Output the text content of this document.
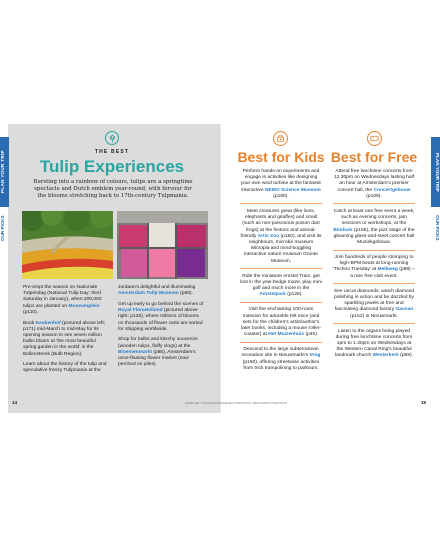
PLAN YOUR TRIP
OUR PICKS
PLAN YOUR TRIP
OUR PICKS
THE BEST
Tulip Experiences
Bursting into a rainbow of colours, tulips are a springtime spectacle and Dutch emblem year-round, with fervour for the blooms stretching back to 17th-century Tulpmania.

Pre-empt the season on Nationale Tulpendag (National Tulip Day; third Saturday in January), when 200,000 tulips are planted on Museumplein (p110).

Book Keukenhof (pictured above left; p171) mid-March to mid-May for its opening season to see seven million bulbs bloom at 'the most beautiful spring garden in the world' in the Bollenstreek (Bulb Region).

Learn about the history of the tulip and speculative frenzy Tulipmania at the

Jordaan's delightful and illuminating Amsterdam Tulip Museum (p88).

Get up early to go behind the scenes of Royal FloraHolland (pictured above right; p128), where millions of blooms on thousands of flower carts are sorted for shipping worldwide.

Shop for bulbs and kitschy souvenirs (wooden tulips, fluffy clogs) at the Bloemenmarkt (p85), Amsterdam's once-floating flower market (now perched on piles).

Best for Kids Best for Free

Perform hands-on experiments and engage in activities like designing your own wind turbine at the fantastic interactive NEMO Science Museum (p150).

Meet creatures great (like lions, elephants and giraffes) and small (such as non-poisonous poison dart frogs) at the historic and animal-friendly Artis Zoo (p150), and visit its neighbours, microbe museum Micropia and mind-boggling interactive nature museum Groote Museum.

Ride the miniature Amstel Train, get lost in the yew-hedge maze, play mini golf and much more in the Amstelpark (p128).

Visit the enchanting 100-room mansion for adorable felt mice (and sets for the children's artist/author's later books, including a mouse roller-coaster) at Het Muizenhuis (p45).

Descend to the large subterranean recreation site in Nieuwmarkt's Vrog (p150), offering streetwise activities from trick trampolining to parkours.

Attend free lunchtime concerts from 12.30pm on Wednesdays lasting half an hour at Amsterdam's premier concert hall, the Concertgebouw (p109).

Catch at least one free event a week, such as evening concerts, jam sessions or workshops, at the Bimhuis (p155), the jazz stage of the gleaming glass-and-steel concert hall Muziekgebouw.

Join hundreds of people stomping to high-BPM beats at long-running 'Techno Tuesday' at Melkweg (p88) – a rare free club event.

See uncut diamonds, watch diamond polishing in action and be dazzled by sparkling jewels at free and fascinating diamond factory Gassan (p152) in Nieuwmarkt.

Listen to the organs being played during free lunchtime concerts from 1pm to 1.30pm on Wednesdays at the Western Canal Ring's beautiful landmark church Westerkerk (p59).

14	15
FROM LEFT: STOCKHOLMSHUE/SHUTTERSTOCK; SERGIO/SHUTTERSTOCK
